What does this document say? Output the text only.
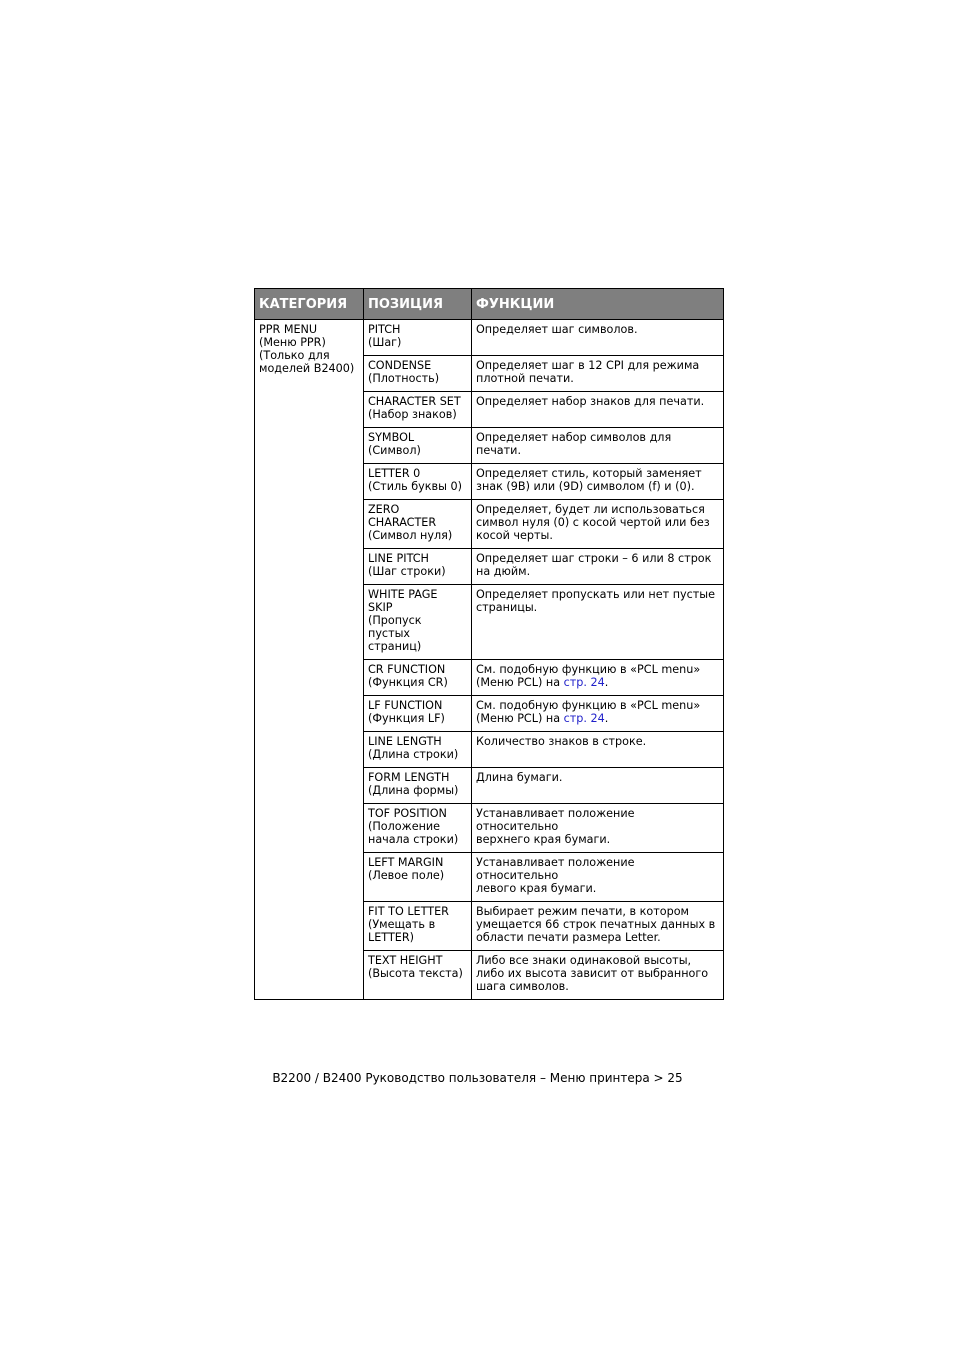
КАТЕГОРИЯ	ПОЗИЦИЯ	ФУНКЦИИ

PPR MENU
(Меню PPR)
(Только для
моделей B2400)	PITCH
(Шаг)	Определяет шаг символов.

	CONDENSE
(Плотность)	Определяет шаг в 12 CPI для режима
плотной печати.

	CHARACTER SET
(Набор знаков)	Определяет набор знаков для печати.

	SYMBOL
(Символ)	Определяет набор символов для печати.

	LETTER 0
(Стиль буквы 0)	Определяет стиль, который заменяет
знак (9B) или (9D) символом (f) и (0).

	ZERO
CHARACTER
(Символ нуля)	Определяет, будет ли использоваться
символ нуля (0) с косой чертой или без
косой черты.

	LINE PITCH
(Шаг строки)	Определяет шаг строки – 6 или 8 строк
на дюйм.

	WHITE PAGE
SKIP
(Пропуск пустых
страниц)	Определяет пропускать или нет пустые
страницы.

	CR FUNCTION
(Функция CR)	См. подобную функцию в «PCL menu»
(Меню PCL) на стр. 24.

	LF FUNCTION
(Функция LF)	См. подобную функцию в «PCL menu»
(Меню PCL) на стр. 24.

	LINE LENGTH
(Длина строки)	Количество знаков в строке.

	FORM LENGTH
(Длина формы)	Длина бумаги.

	TOF POSITION
(Положение
начала строки)	Устанавливает положение относительно
верхнего края бумаги.

	LEFT MARGIN
(Левое поле)	Устанавливает положение относительно
левого края бумаги.

	FIT TO LETTER
(Умещать в
LETTER)	Выбирает режим печати, в котором
умещается 66 строк печатных данных в
области печати размера Letter.

	TEXT HEIGHT
(Высота текста)	Либо все знаки одинаковой высоты,
либо их высота зависит от выбранного
шага символов.
B2200 / B2400 Руководство пользователя – Меню принтера > 25
